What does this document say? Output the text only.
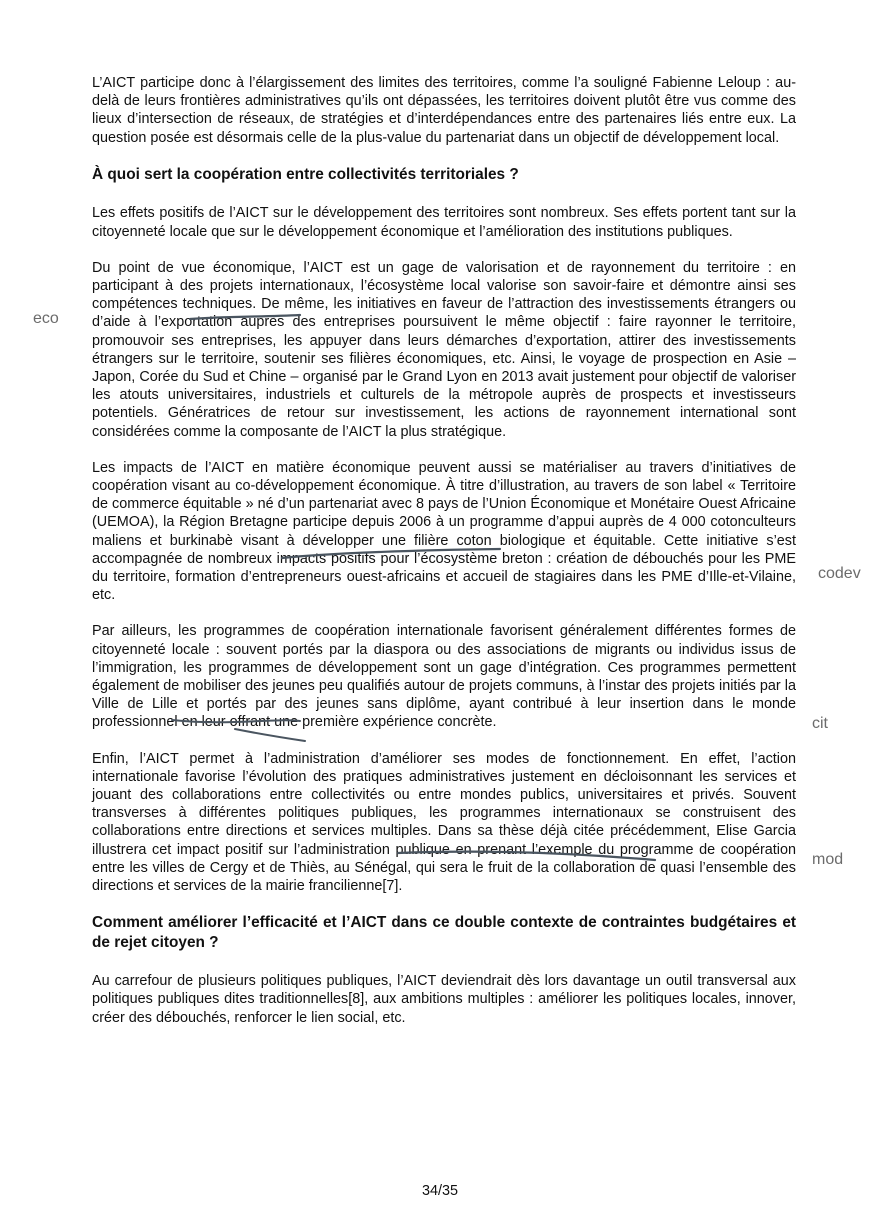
L’AICT participe donc à l’élargissement des limites des territoires, comme l’a souligné Fabienne Leloup : au-delà de leurs frontières administratives qu’ils ont dépassées, les territoires doivent plutôt être vus comme des lieux d’intersection de réseaux, de stratégies et d’interdépendances entre des partenaires liés entre eux. La question posée est désormais celle de la plus-value du partenariat dans un objectif de développement local.

À quoi sert la coopération entre collectivités territoriales ?

Les effets positifs de l’AICT sur le développement des territoires sont nombreux. Ses effets portent tant sur la citoyenneté locale que sur le développement économique et l’amélioration des institutions publiques.

Du point de vue économique, l’AICT est un gage de valorisation et de rayonnement du territoire : en participant à des projets internationaux, l’écosystème local valorise son savoir-faire et démontre ainsi ses compétences techniques. De même, les initiatives en faveur de l’attraction des investissements étrangers ou d’aide à l’exportation auprès des entreprises poursuivent le même objectif : faire rayonner le territoire, promouvoir ses entreprises, les appuyer dans leurs démarches d’exportation, attirer des investissements étrangers sur le territoire, soutenir ses filières économiques, etc. Ainsi, le voyage de prospection en Asie – Japon, Corée du Sud et Chine – organisé par le Grand Lyon en 2013 avait justement pour objectif de valoriser les atouts universitaires, industriels et culturels de la métropole auprès de prospects et investisseurs potentiels. Génératrices de retour sur investissement, les actions de rayonnement international sont considérées comme la composante de l’AICT la plus stratégique.

Les impacts de l’AICT en matière économique peuvent aussi se matérialiser au travers d’initiatives de coopération visant au co-développement économique. À titre d’illustration, au travers de son label « Territoire de commerce équitable » né d’un partenariat avec 8 pays de l’Union Économique et Monétaire Ouest Africaine (UEMOA), la Région Bretagne participe depuis 2006 à un programme d’appui auprès de 4 000 cotonculteurs maliens et burkinabè visant à développer une filière coton biologique et équitable. Cette initiative s’est accompagnée de nombreux impacts positifs pour l’écosystème breton : création de débouchés pour les PME du territoire, formation d’entrepreneurs ouest-africains et accueil de stagiaires dans les PME d’Ille-et-Vilaine, etc.

Par ailleurs, les programmes de coopération internationale favorisent généralement différentes formes de citoyenneté locale : souvent portés par la diaspora ou des associations de migrants ou individus issus de l’immigration, les programmes de développement sont un gage d’intégration. Ces programmes permettent également de mobiliser des jeunes peu qualifiés autour de projets communs, à l’instar des projets initiés par la Ville de Lille et portés par des jeunes sans diplôme, ayant contribué à leur insertion dans le monde professionnel en leur offrant une première expérience concrète.

Enfin, l’AICT permet à l’administration d’améliorer ses modes de fonctionnement. En effet, l’action internationale favorise l’évolution des pratiques administratives justement en décloisonnant les services et jouant des collaborations entre collectivités ou entre mondes publics, universitaires et privés. Souvent transverses à différentes politiques publiques, les programmes internationaux se construisent des collaborations entre directions et services multiples. Dans sa thèse déjà citée précédemment, Elise Garcia illustrera cet impact positif sur l’administration publique en prenant l’exemple du programme de coopération entre les villes de Cergy et de Thiès, au Sénégal, qui sera le fruit de la collaboration de quasi l’ensemble des directions et services de la mairie francilienne[7].

Comment améliorer l’efficacité et l’AICT dans ce double contexte de contraintes budgétaires et de rejet citoyen ?

Au carrefour de plusieurs politiques publiques, l’AICT deviendrait dès lors davantage un outil transversal aux politiques publiques dites traditionnelles[8], aux ambitions multiples : améliorer les politiques locales, innover, créer des débouchés, renforcer le lien social, etc.

eco
codev
cit
mod
34/35
